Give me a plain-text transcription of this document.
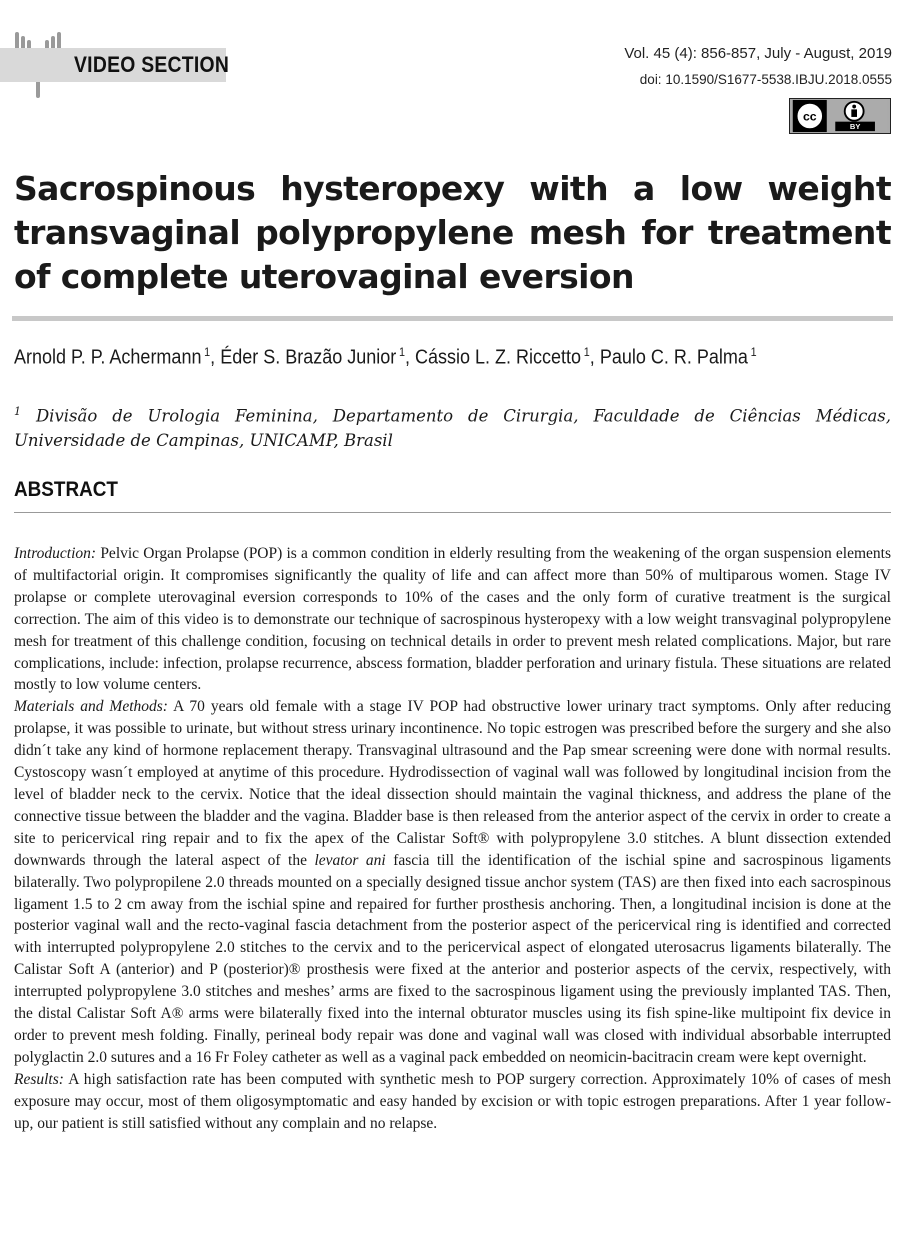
VIDEO SECTION	Vol. 45 (4): 856-857, July - August, 2019
doi: 10.1590/S1677-5538.IBJU.2018.0555
cc
BY
Sacrospinous hysteropexy with a low weight transvaginal polypropylene mesh for treatment of complete uterovaginal eversion
Arnold P. P. Achermann $^1$, Éder S. Brazão Junior $^1$, Cássio L. Z. Riccetto $^1$, Paulo C. R. Palma $^1$
$^1$ Divisão de Urologia Feminina, Departamento de Cirurgia, Faculdade de Ciências Médicas, Universidade de Campinas, UNICAMP, Brasil
ABSTRACT

Introduction: Pelvic Organ Prolapse (POP) is a common condition in elderly resulting from the weakening of the organ suspension elements of multifactorial origin. It compromises significantly the quality of life and can affect more than 50% of multiparous women. Stage IV prolapse or complete uterovaginal eversion corresponds to 10% of the cases and the only form of curative treatment is the surgical correction. The aim of this video is to demonstrate our technique of sacrospinous hysteropexy with a low weight transvaginal polypropylene mesh for treatment of this challenge condition, focusing on technical details in order to prevent mesh related complications. Major, but rare complications, include: infection, prolapse recurrence, abscess formation, bladder perforation and urinary fistula. These situations are related mostly to low volume centers.

Materials and Methods: A 70 years old female with a stage IV POP had obstructive lower urinary tract symptoms. Only after reducing prolapse, it was possible to urinate, but without stress urinary incontinence. No topic estrogen was prescribed before the surgery and she also didn´t take any kind of hormone replacement therapy. Transvaginal ultrasound and the Pap smear screening were done with normal results. Cystoscopy wasn´t employed at anytime of this procedure. Hydrodissection of vaginal wall was followed by longitudinal incision from the level of bladder neck to the cervix. Notice that the ideal dissection should maintain the vaginal thickness, and address the plane of the connective tissue between the bladder and the vagina. Bladder base is then released from the anterior aspect of the cervix in order to create a site to pericervical ring repair and to fix the apex of the Calistar Soft® with polypropylene 3.0 stitches. A blunt dissection extended downwards through the lateral aspect of the levator ani fascia till the identification of the ischial spine and sacrospinous ligaments bilaterally. Two polypropilene 2.0 threads mounted on a specially designed tissue anchor system (TAS) are then fixed into each sacrospinous ligament 1.5 to 2 cm away from the ischial spine and repaired for further prosthesis anchoring. Then, a longitudinal incision is done at the posterior vaginal wall and the recto-vaginal fascia detachment from the posterior aspect of the pericervical ring is identified and corrected with interrupted polypropylene 2.0 stitches to the cervix and to the pericervical aspect of elongated uterosacrus ligaments bilaterally. The Calistar Soft A (anterior) and P (posterior)® prosthesis were fixed at the anterior and posterior aspects of the cervix, respectively, with interrupted polypropylene 3.0 stitches and meshes’ arms are fixed to the sacrospinous ligament using the previously implanted TAS. Then, the distal Calistar Soft A® arms were bilaterally fixed into the internal obturator muscles using its fish spine-like multipoint fix device in order to prevent mesh folding. Finally, perineal body repair was done and vaginal wall was closed with individual absorbable interrupted polyglactin 2.0 sutures and a 16 Fr Foley catheter as well as a vaginal pack embedded on neomicin-bacitracin cream were kept overnight.

Results: A high satisfaction rate has been computed with synthetic mesh to POP surgery correction. Approximately 10% of cases of mesh exposure may occur, most of them oligosymptomatic and easy handed by excision or with topic estrogen preparations. After 1 year follow-up, our patient is still satisfied without any complain and no relapse.
